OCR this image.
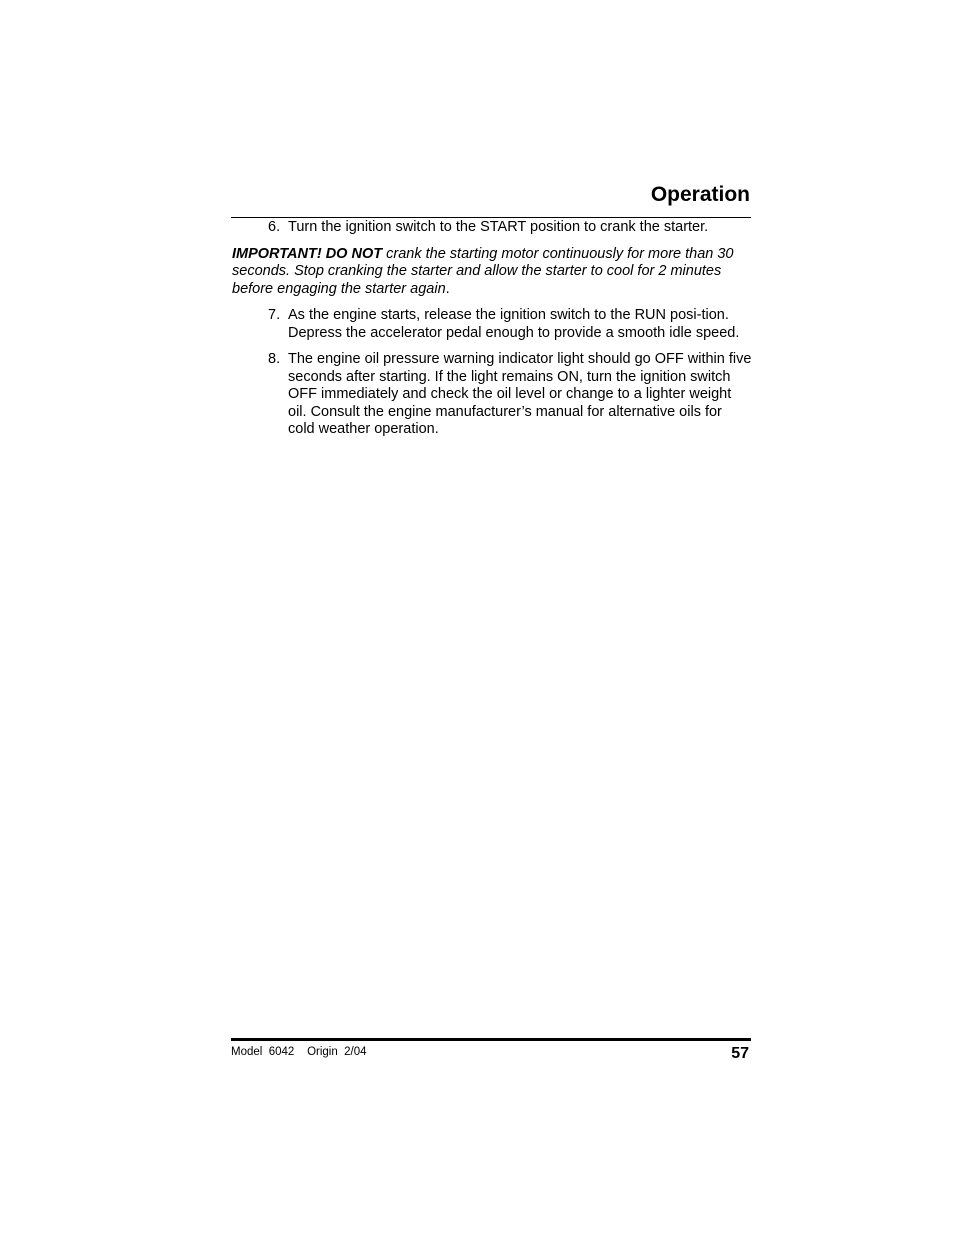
Operation
6. Turn the ignition switch to the START position to crank the starter.
IMPORTANT! DO NOT crank the starting motor continuously for more than 30 seconds. Stop cranking the starter and allow the starter to cool for 2 minutes before engaging the starter again.
7. As the engine starts, release the ignition switch to the RUN posi-tion. Depress the accelerator pedal enough to provide a smooth idle speed.
8. The engine oil pressure warning indicator light should go OFF within five seconds after starting. If the light remains ON, turn the ignition switch OFF immediately and check the oil level or change to a lighter weight oil. Consult the engine manufacturer’s manual for alternative oils for cold weather operation.
Model  6042    Origin  2/04	57
